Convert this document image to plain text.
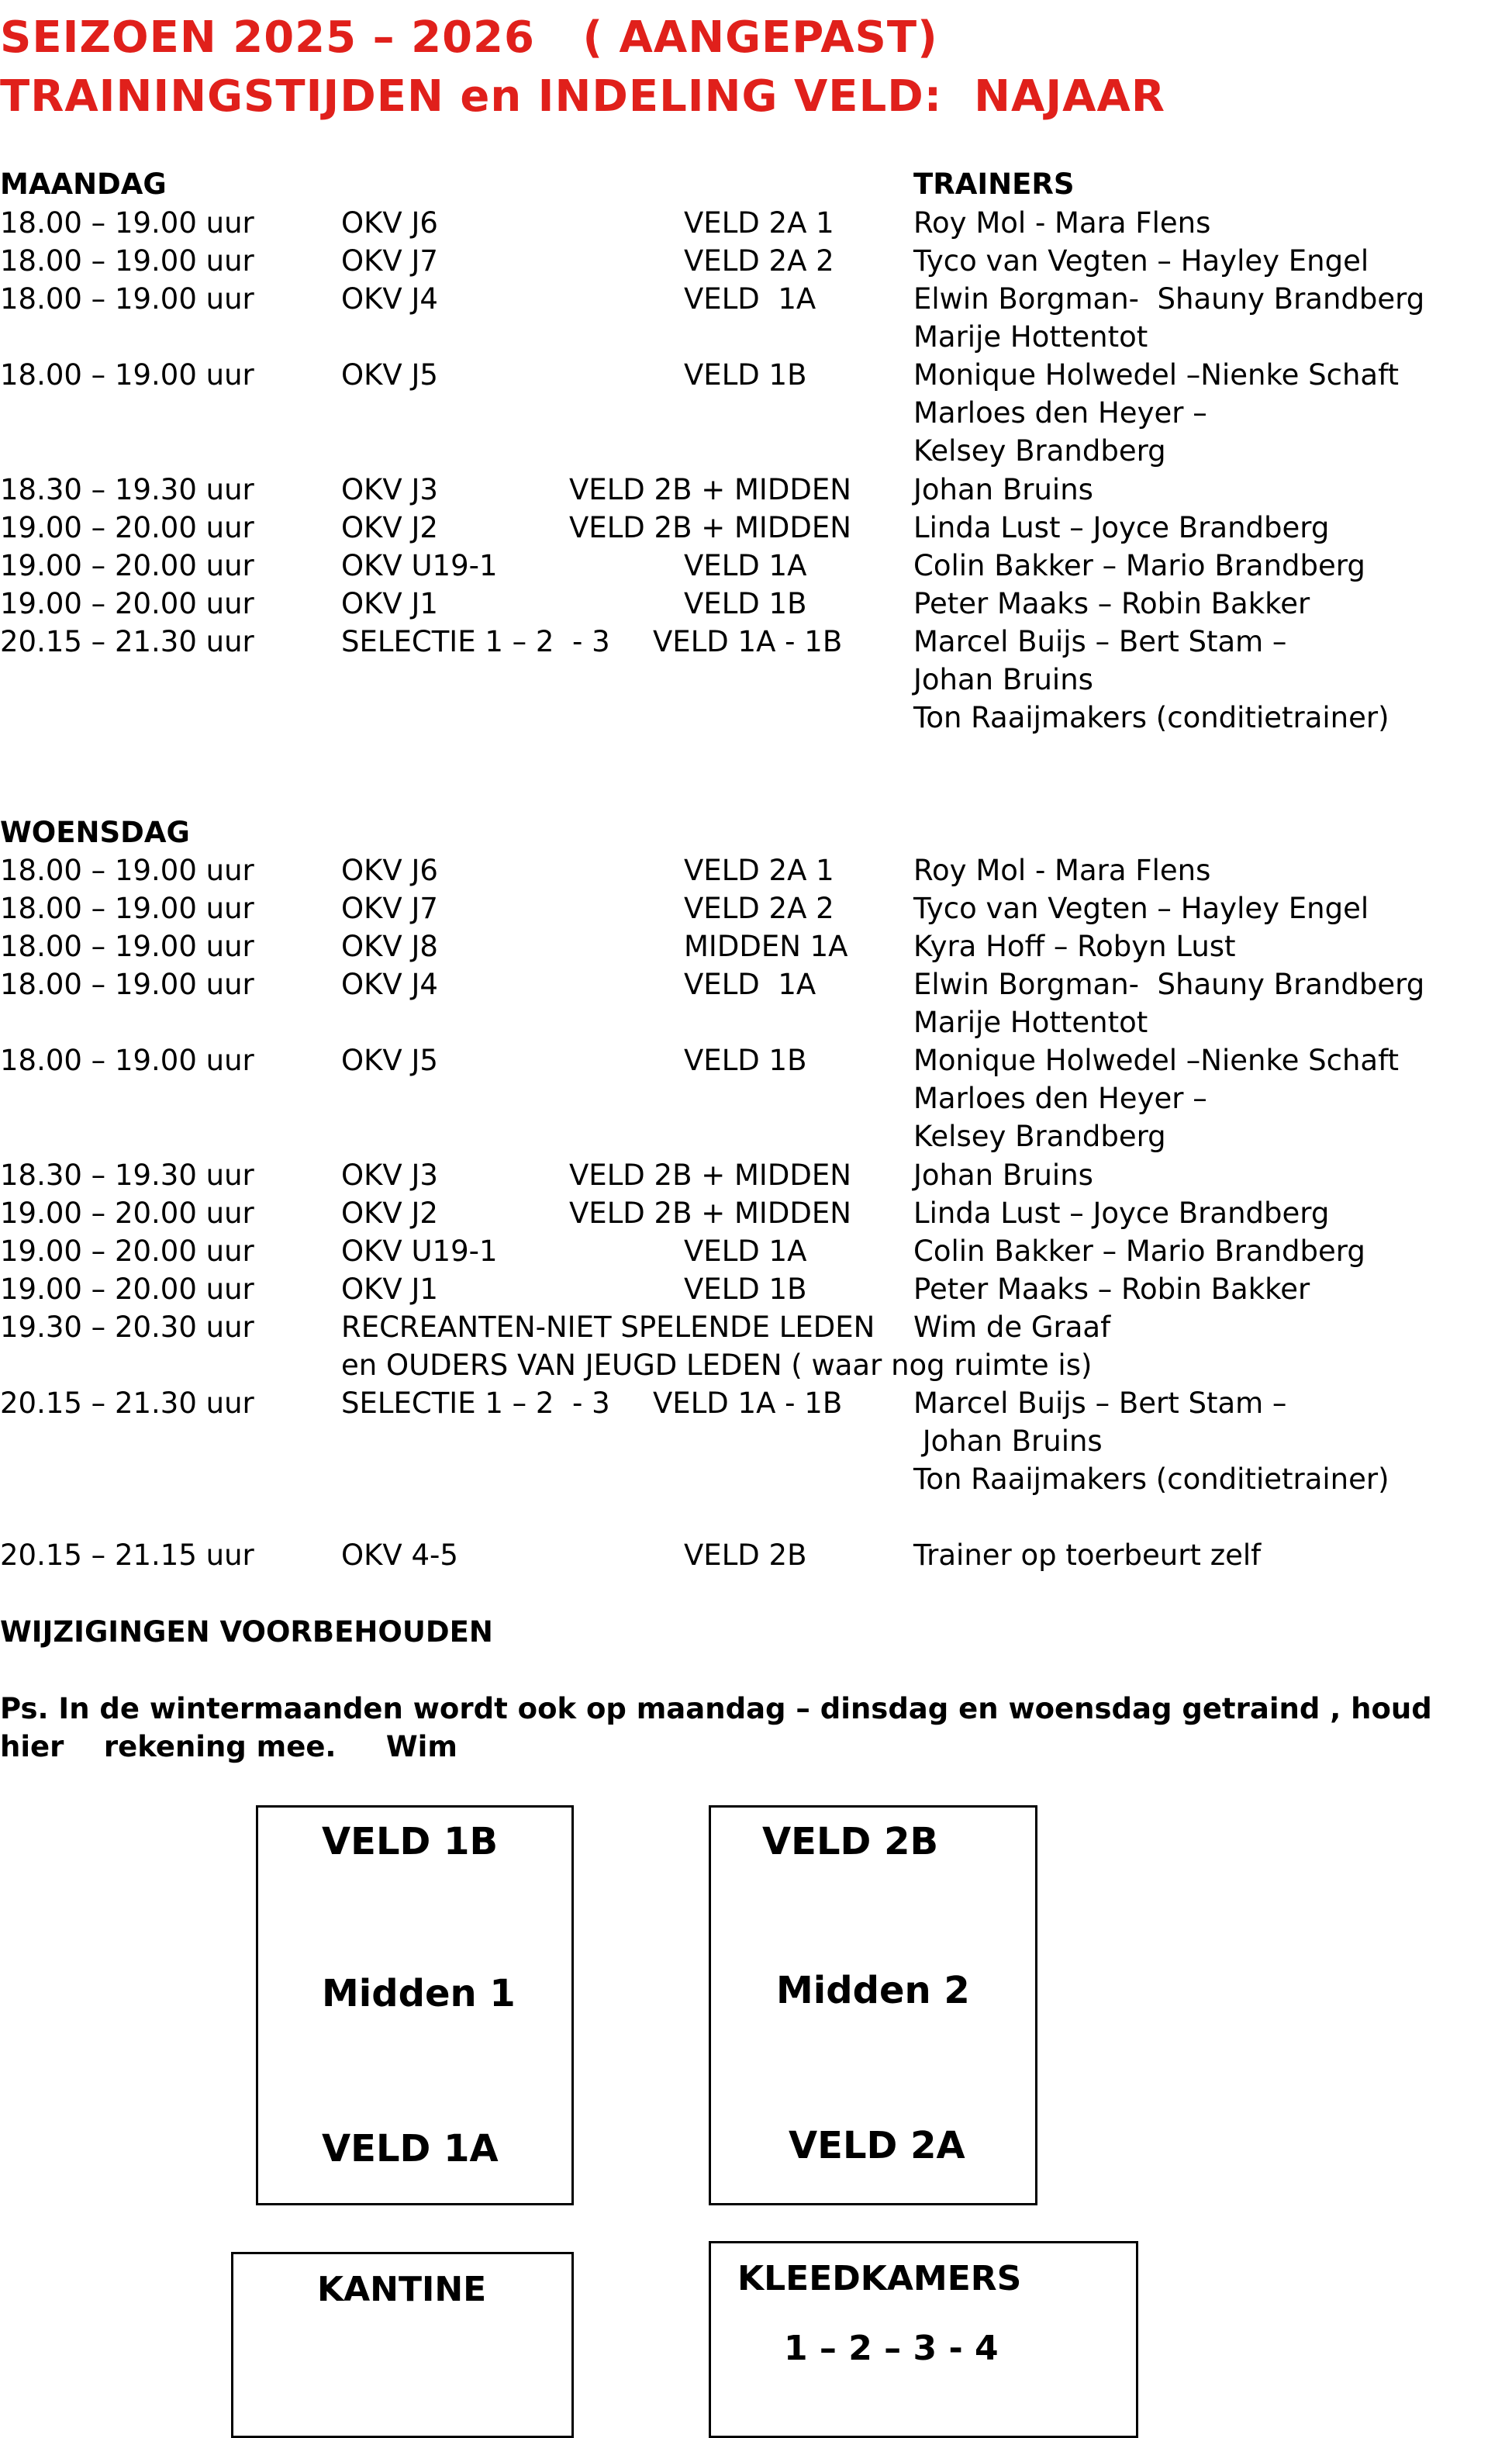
SEIZOEN 2025 – 2026   ( AANGEPAST)
TRAININGSTIJDEN en INDELING VELD:  NAJAAR
MAANDAG	TRAINERS
18.00 – 19.00 uur	OKV J6	VELD 2A 1	Roy Mol - Mara Flens
18.00 – 19.00 uur	OKV J7	VELD 2A 2	Tyco van Vegten – Hayley Engel
18.00 – 19.00 uur	OKV J4	VELD  1A	Elwin Borgman-  Shauny Brandberg
Marije Hottentot
18.00 – 19.00 uur	OKV J5	VELD 1B	Monique Holwedel –Nienke Schaft
Marloes den Heyer –
Kelsey Brandberg
18.30 – 19.30 uur	OKV J3	VELD 2B + MIDDEN Johan Bruins
19.00 – 20.00 uur	OKV J2	VELD 2B + MIDDEN Linda Lust – Joyce Brandberg
19.00 – 20.00 uur	OKV U19-1	VELD 1A	Colin Bakker – Mario Brandberg
19.00 – 20.00 uur	OKV J1	VELD 1B	Peter Maaks – Robin Bakker
20.15 – 21.30 uur	SELECTIE 1 – 2  - 3 VELD 1A - 1B Marcel Buijs – Bert Stam –
Johan Bruins
Ton Raaijmakers (conditietrainer)
WOENSDAG
18.00 – 19.00 uur	OKV J6	VELD 2A 1	Roy Mol - Mara Flens
18.00 – 19.00 uur	OKV J7	VELD 2A 2	Tyco van Vegten – Hayley Engel
18.00 – 19.00 uur	OKV J8	MIDDEN 1A Kyra Hoff – Robyn Lust
18.00 – 19.00 uur	OKV J4	VELD  1A	Elwin Borgman-  Shauny Brandberg
Marije Hottentot
18.00 – 19.00 uur	OKV J5	VELD 1B	Monique Holwedel –Nienke Schaft
Marloes den Heyer –
Kelsey Brandberg
18.30 – 19.30 uur	OKV J3	VELD 2B + MIDDEN Johan Bruins
19.00 – 20.00 uur	OKV J2	VELD 2B + MIDDEN Linda Lust – Joyce Brandberg
19.00 – 20.00 uur	OKV U19-1	VELD 1A	Colin Bakker – Mario Brandberg
19.00 – 20.00 uur	OKV J1	VELD 1B	Peter Maaks – Robin Bakker
19.30 – 20.30 uur	RECREANTEN-NIET SPELENDE LEDEN Wim de Graaf
en OUDERS VAN JEUGD LEDEN ( waar nog ruimte is)
20.15 – 21.30 uur	SELECTIE 1 – 2  - 3 VELD 1A - 1B Marcel Buijs – Bert Stam –
Johan Bruins
Ton Raaijmakers (conditietrainer)
20.15 – 21.15 uur	OKV 4-5	VELD 2B	Trainer op toerbeurt zelf
WIJZIGINGEN VOORBEHOUDEN
Ps. In de wintermaanden wordt ook op maandag – dinsdag en woensdag getraind , houd
hier    rekening mee.     Wim
VELD 1B
Midden 1
VELD 1A
VELD 2B
Midden 2
VELD 2A
KANTINE	KLEEDKAMERS
1 – 2 – 3 - 4
